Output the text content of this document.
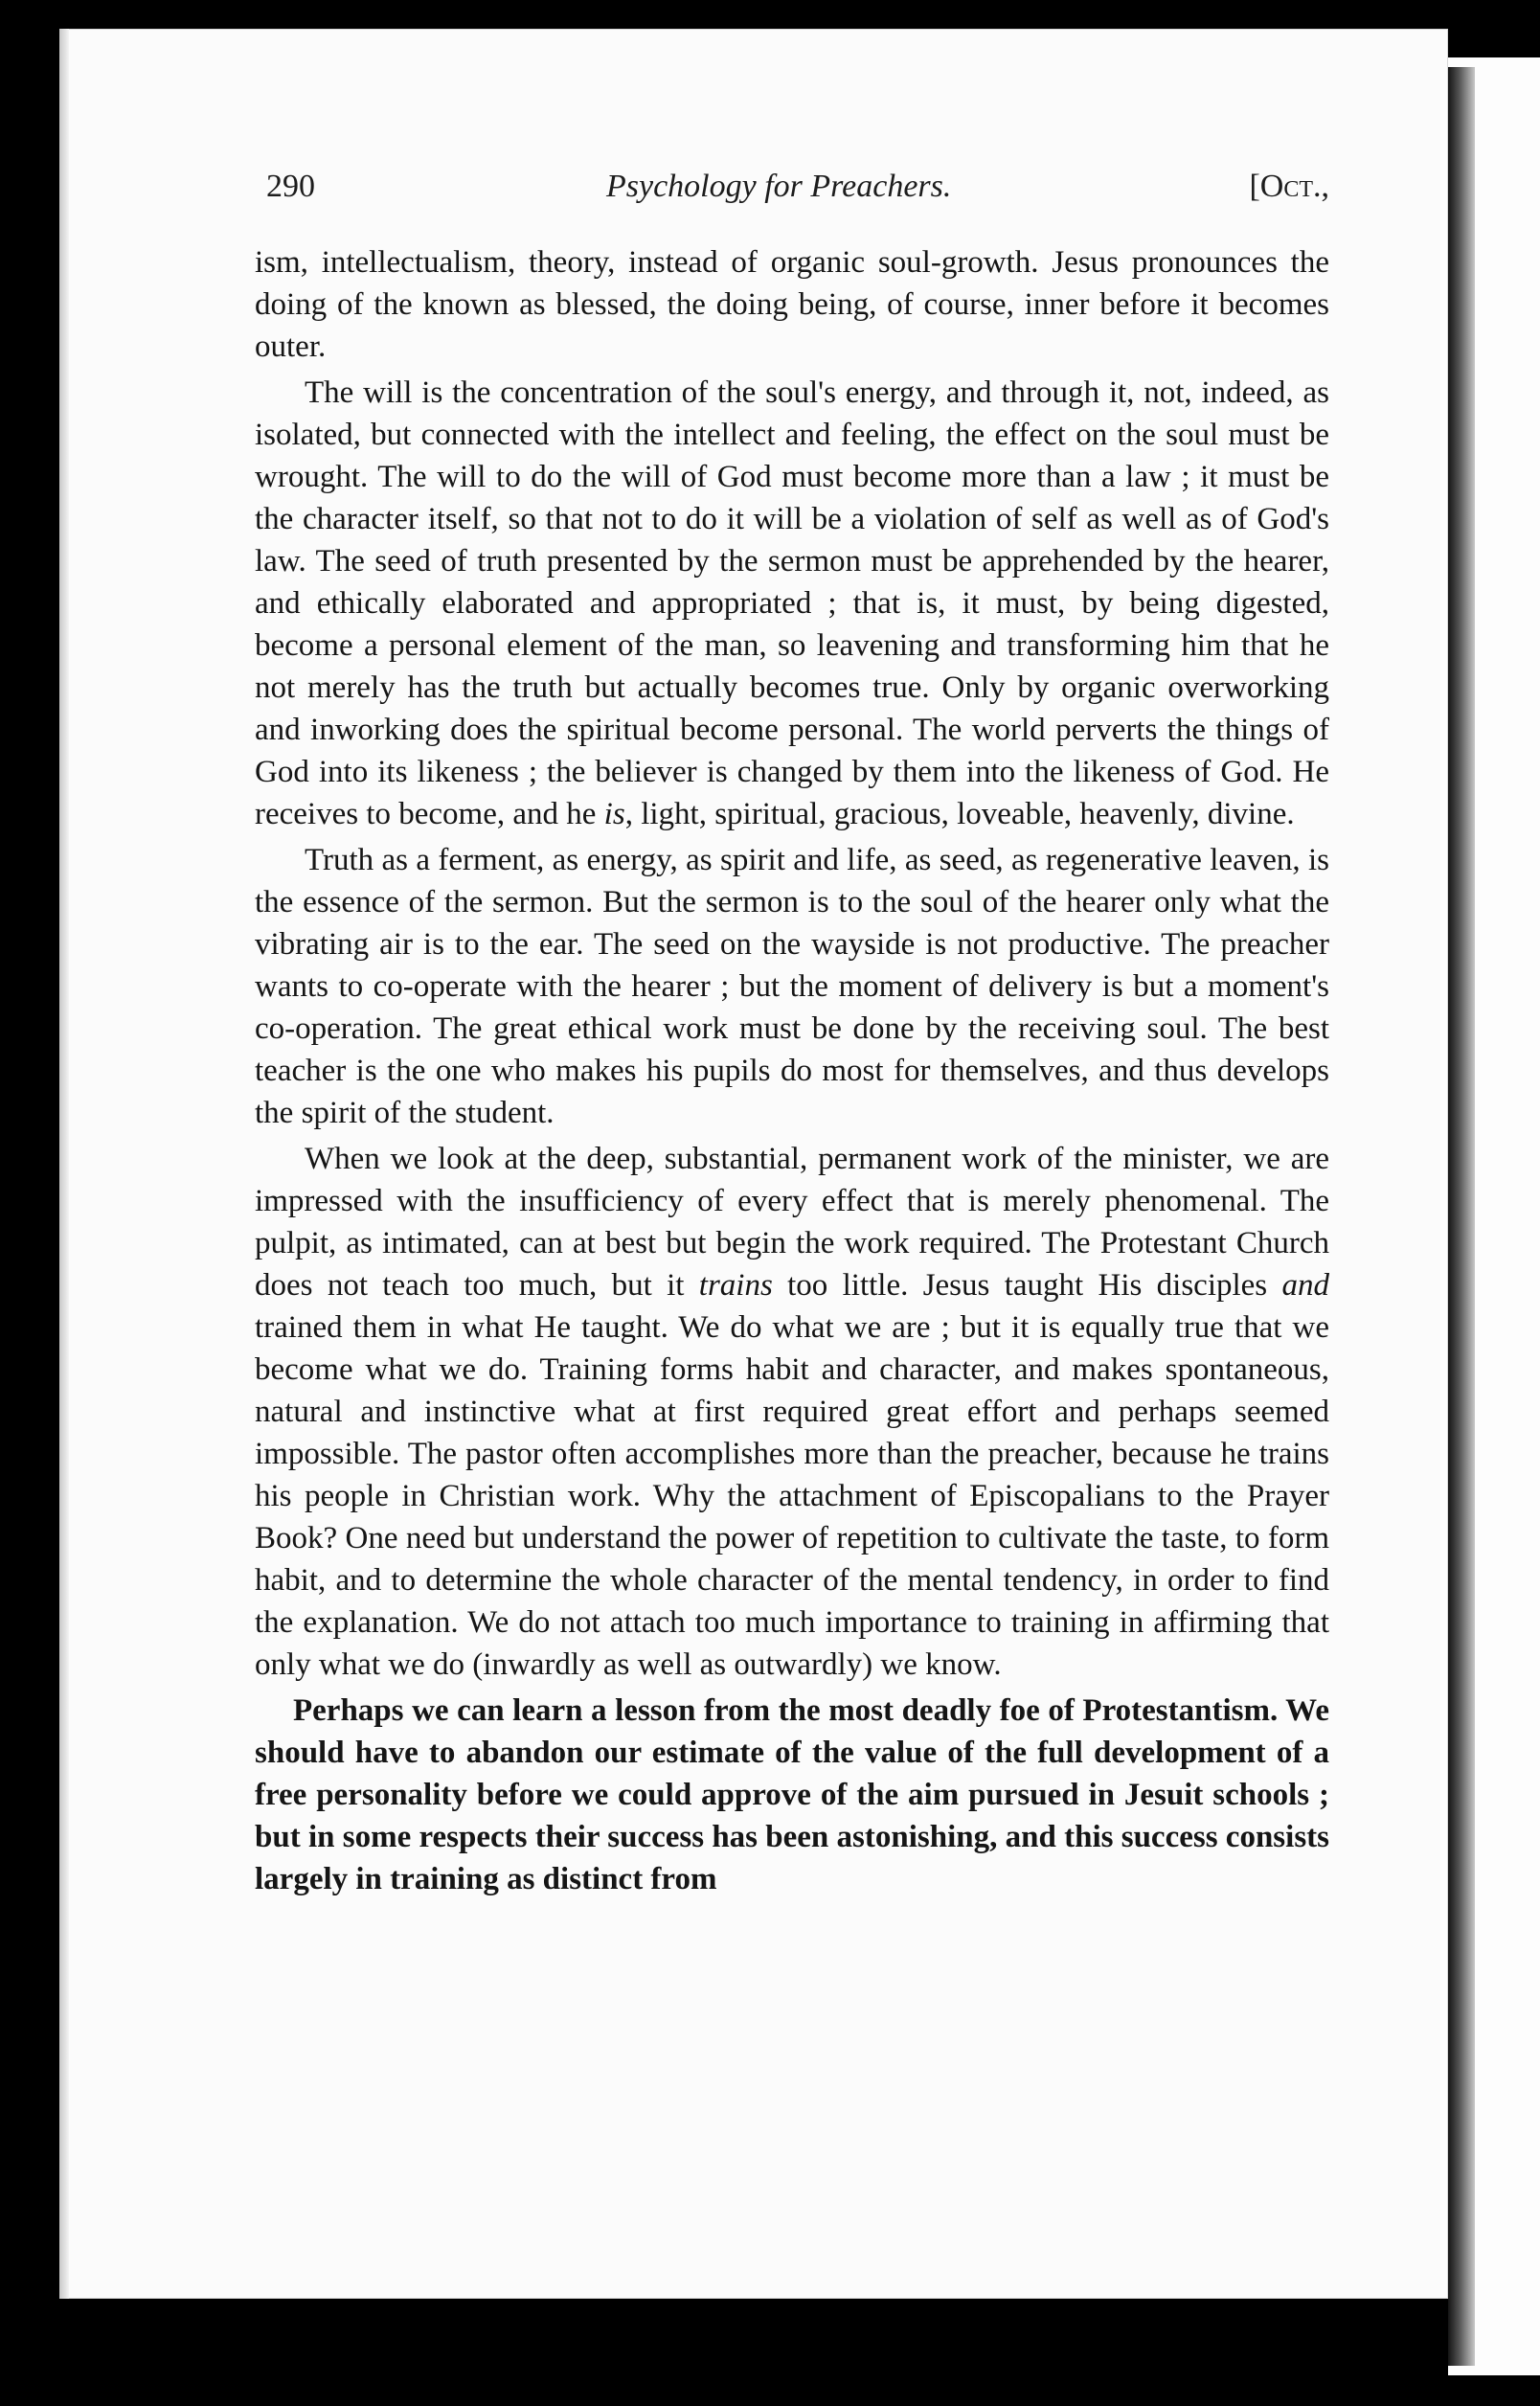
290	Psychology for Preachers.	[Oct.,

ism, intellectualism, theory, instead of organic soul-growth. Jesus pronounces the doing of the known as blessed, the doing being, of course, inner before it becomes outer.

The will is the concentration of the soul's energy, and through it, not, indeed, as isolated, but connected with the intellect and feeling, the effect on the soul must be wrought. The will to do the will of God must become more than a law ; it must be the character itself, so that not to do it will be a violation of self as well as of God's law. The seed of truth presented by the sermon must be apprehended by the hearer, and ethically elaborated and appropriated ; that is, it must, by being digested, become a personal element of the man, so leavening and transforming him that he not merely has the truth but actually becomes true. Only by organic overworking and inworking does the spiritual become personal. The world perverts the things of God into its likeness ; the believer is changed by them into the likeness of God. He receives to become, and he is, light, spiritual, gracious, loveable, heavenly, divine.

Truth as a ferment, as energy, as spirit and life, as seed, as regenerative leaven, is the essence of the sermon. But the sermon is to the soul of the hearer only what the vibrating air is to the ear. The seed on the wayside is not productive. The preacher wants to co-operate with the hearer ; but the moment of delivery is but a moment's co-operation. The great ethical work must be done by the receiving soul. The best teacher is the one who makes his pupils do most for themselves, and thus develops the spirit of the student.

When we look at the deep, substantial, permanent work of the minister, we are impressed with the insufficiency of every effect that is merely phenomenal. The pulpit, as intimated, can at best but begin the work required. The Protestant Church does not teach too much, but it trains too little. Jesus taught His disciples and trained them in what He taught. We do what we are ; but it is equally true that we become what we do. Training forms habit and character, and makes spontaneous, natural and instinctive what at first required great effort and perhaps seemed impossible. The pastor often accomplishes more than the preacher, because he trains his people in Christian work. Why the attachment of Episcopalians to the Prayer Book? One need but understand the power of repetition to cultivate the taste, to form habit, and to determine the whole character of the mental tendency, in order to find the explanation. We do not attach too much importance to training in affirming that only what we do (inwardly as well as outwardly) we know.

Perhaps we can learn a lesson from the most deadly foe of Protestantism. We should have to abandon our estimate of the value of the full development of a free personality before we could approve of the aim pursued in Jesuit schools ; but in some respects their success has been astonishing, and this success consists largely in training as distinct from
